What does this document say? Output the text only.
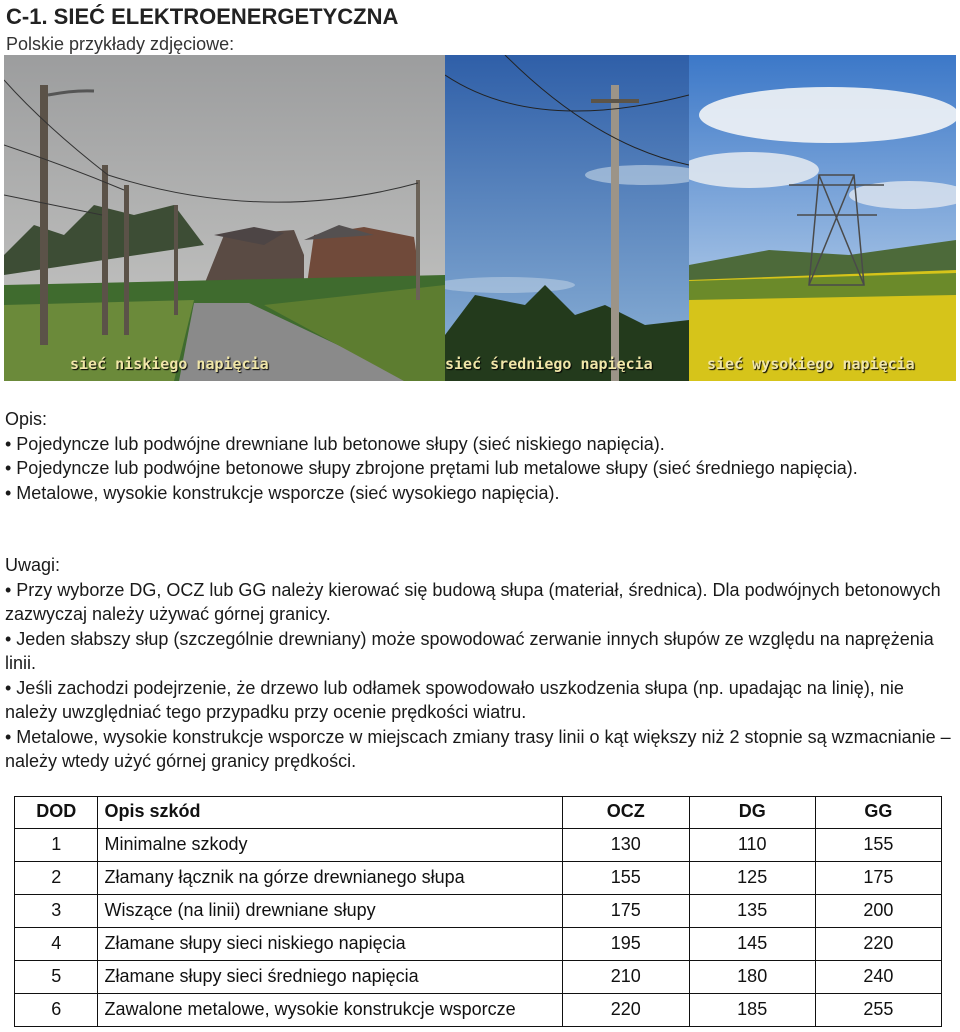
C-1. SIEĆ ELEKTROENERGETYCZNA
Polskie przykłady zdjęciowe:
sieć niskiego napięcia	sieć średniego napięcia	sieć wysokiego napięcia

Opis:

• Pojedyncze lub podwójne drewniane lub betonowe słupy (sieć niskiego napięcia).

• Pojedyncze lub podwójne betonowe słupy zbrojone prętami lub metalowe słupy (sieć średniego napięcia).

• Metalowe, wysokie konstrukcje wsporcze (sieć wysokiego napięcia).

Uwagi:

• Przy wyborze DG, OCZ lub GG należy kierować się budową słupa (materiał, średnica). Dla podwójnych betonowych zazwyczaj należy używać górnej granicy.

• Jeden słabszy słup (szczególnie drewniany) może spowodować zerwanie innych słupów ze względu na naprężenia linii.

• Jeśli zachodzi podejrzenie, że drzewo lub odłamek spowodowało uszkodzenia słupa (np. upadając na linię), nie należy uwzględniać tego przypadku przy ocenie prędkości wiatru.

• Metalowe, wysokie konstrukcje wsporcze w miejscach zmiany trasy linii o kąt większy niż 2 stopnie są wzmacnianie – należy wtedy użyć górnej granicy prędkości.

DOD	Opis szkód	OCZ	DG	GG
1	Minimalne szkody	130	110	155
2	Złamany łącznik na górze drewnianego słupa	155	125	175
3	Wiszące (na linii) drewniane słupy	175	135	200
4	Złamane słupy sieci niskiego napięcia	195	145	220
5	Złamane słupy sieci średniego napięcia	210	180	240
6	Zawalone metalowe, wysokie konstrukcje wsporcze	220	185	255
